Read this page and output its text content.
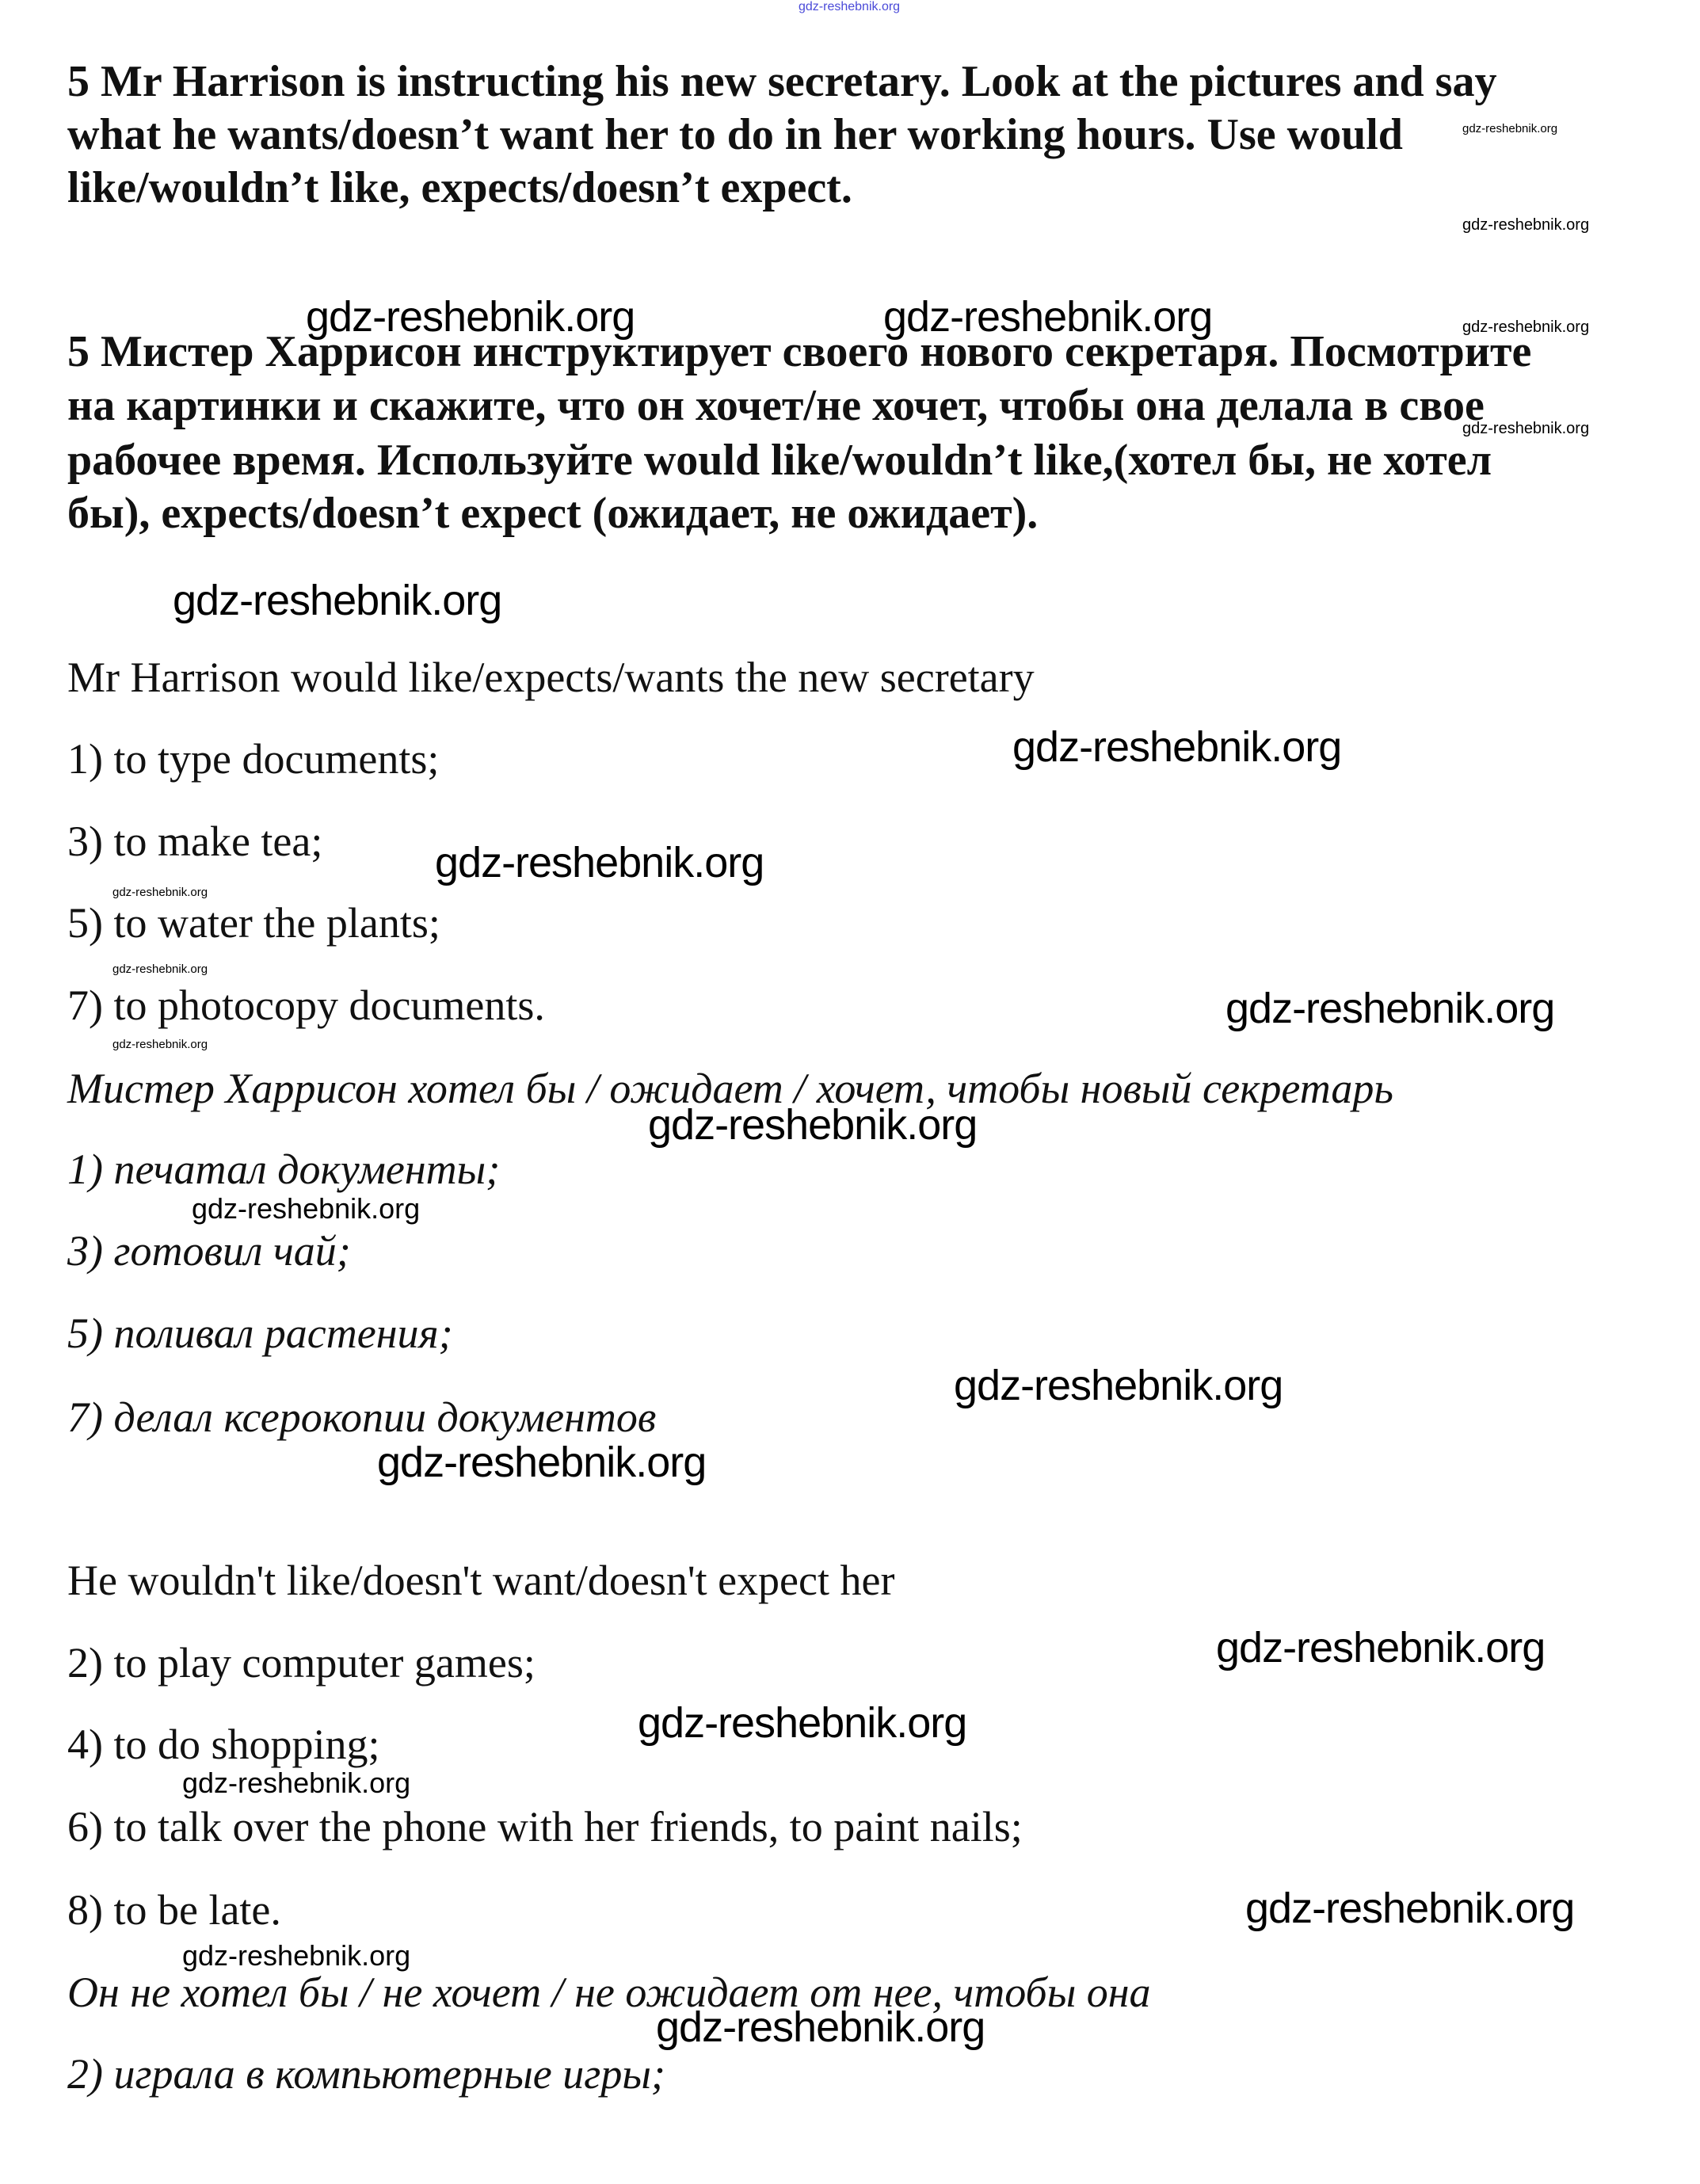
gdz-reshebnik.org
5 Mr Harrison is instructing his new secretary. Look at the pictures and say
what he wants/doesn’t want her to do in her working hours. Use would
like/wouldn’t like, expects/doesn’t expect.
5 Мистер Харрисон инструктирует своего нового секретаря. Посмотрите
на картинки и скажите, что он хочет/не хочет, чтобы она делала в свое
рабочее время. Используйте would like/wouldn’t like,(хотел бы, не хотел
бы), expects/doesn’t expect (ожидает, не ожидает).
Mr Harrison would like/expects/wants the new secretary
1) to type documents;
3) to make tea;
5) to water the plants;
7) to photocopy documents.
Мистер Харрисон хотел бы / ожидает / хочет, чтобы новый секретарь
1) печатал документы;
3) готовил чай;
5) поливал растения;
7) делал ксерокопии документов
He wouldn't like/doesn't want/doesn't expect her
2) to play computer games;
4) to do shopping;
6) to talk over the phone with her friends, to paint nails;
8) to be late.
Он не хотел бы / не хочет / не ожидает от нее, чтобы она
2) играла в компьютерные игры;
gdz-reshebnik.org
gdz-reshebnik.org
gdz-reshebnik.org
gdz-reshebnik.org
gdz-reshebnik.org	gdz-reshebnik.org
gdz-reshebnik.org
gdz-reshebnik.org
gdz-reshebnik.org
gdz-reshebnik.org
gdz-reshebnik.org
gdz-reshebnik.org
gdz-reshebnik.org
gdz-reshebnik.org
gdz-reshebnik.org
gdz-reshebnik.org
gdz-reshebnik.org
gdz-reshebnik.org
gdz-reshebnik.org
gdz-reshebnik.org
gdz-reshebnik.org
gdz-reshebnik.org
gdz-reshebnik.org
